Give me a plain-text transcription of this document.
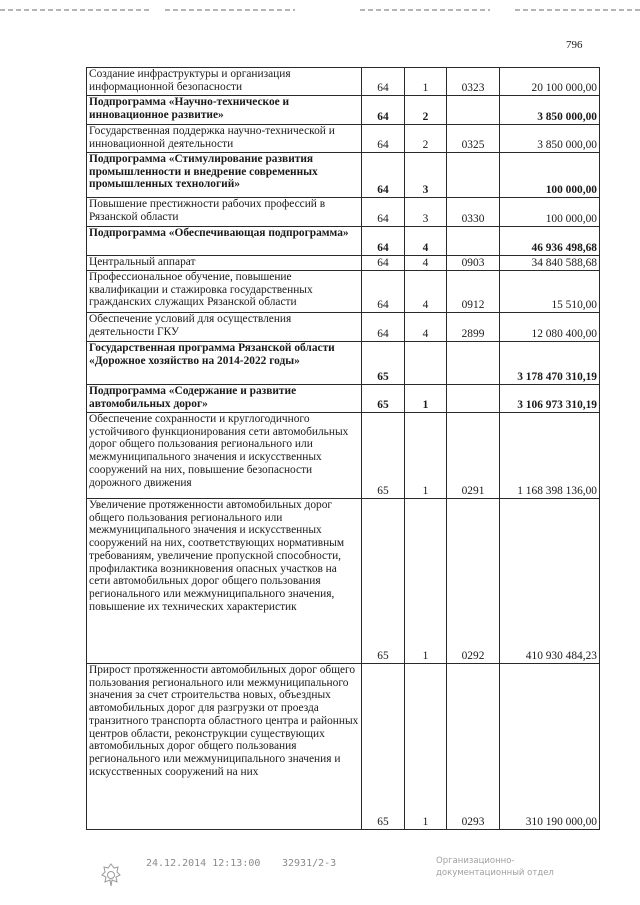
796
Создание инфраструктуры и организация информационной безопасности	64	1	0323	20 100 000,00
Подпрограмма «Научно-техническое и инновационное развитие»	64	2		3 850 000,00
Государственная поддержка научно-технической и инновационной деятельности	64	2	0325	3 850 000,00
Подпрограмма «Стимулирование развития промышленности и внедрение современных промышленных технологий»	64	3		100 000,00
Повышение престижности рабочих профессий в Рязанской области	64	3	0330	100 000,00
Подпрограмма «Обеспечивающая подпрограмма»	64	4		46 936 498,68
Центральный аппарат	64	4	0903	34 840 588,68
Профессиональное обучение, повышение квалификации и стажировка государственных гражданских служащих Рязанской области	64	4	0912	15 510,00
Обеспечение условий для осуществления деятельности ГКУ	64	4	2899	12 080 400,00
Государственная программа Рязанской области «Дорожное хозяйство на 2014-2022 годы»	65			3 178 470 310,19
Подпрограмма «Содержание и развитие автомобильных дорог»	65	1		3 106 973 310,19
Обеспечение сохранности и круглогодичного устойчивого функционирования сети автомобильных дорог общего пользования регионального или межмуниципального значения и искусственных сооружений на них, повышение безопасности дорожного движения	65	1	0291	1 168 398 136,00
Увеличение протяженности автомобильных дорог общего пользования регионального или межмуниципального значения и искусственных сооружений на них, соответствующих нормативным требованиям, увеличение пропускной способности, профилактика возникновения опасных участков на сети автомобильных дорог общего пользования регионального или межмуниципального значения, повышение их технических характеристик	65	1	0292	410 930 484,23
Прирост протяженности автомобильных дорог общего пользования регионального или межмуниципального значения за счет строительства новых, объездных автомобильных дорог для разгрузки от проезда транзитного транспорта областного центра и районных центров области, реконструкции существующих автомобильных дорог общего пользования регионального или межмуниципального значения и искусственных сооружений на них	65	1	0293	310 190 000,00
24.12.2014 12:13:00 32931/2-3	Организационно-
документационный отдел
